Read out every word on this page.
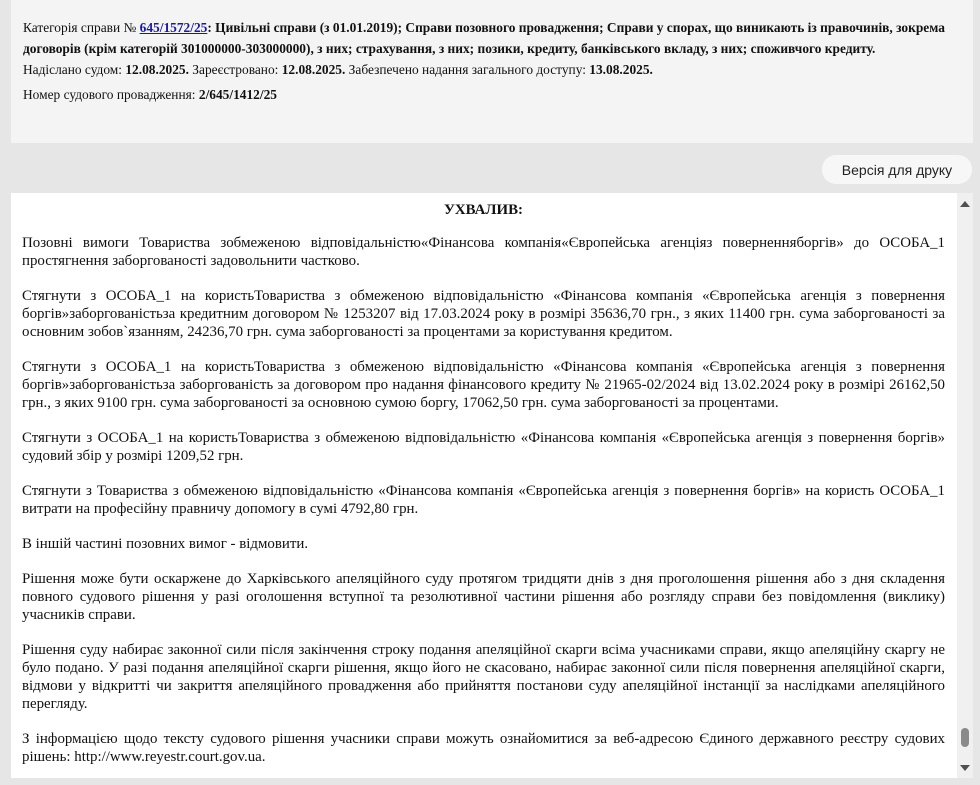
Категорія справи № 645/1572/25: Цивільні справи (з 01.01.2019); Справи позовного провадження; Справи у спорах, що виникають із правочинів, зокрема договорів (крім категорій 301000000-303000000), з них; страхування, з них; позики, кредиту, банківського вкладу, з них; споживчого кредиту.

Надіслано судом: 12.08.2025. Зареєстровано: 12.08.2025. Забезпечено надання загального доступу: 13.08.2025.

Номер судового провадження: 2/645/1412/25

Версія для друку
УХВАЛИВ:

Позовні вимоги Товариства зобмеженою відповідальністю«Фінансова компанія«Європейська агенціяз поверненняборгів» до ОСОБА_1 простягнення заборгованості задовольнити частково.

Стягнути з ОСОБА_1 на користьТовариства з обмеженою відповідальністю «Фінансова компанія «Європейська агенція з повернення боргів»заборгованістьза кредитним договором № 1253207 від 17.03.2024 року в розмірі 35636,70 грн., з яких 11400 грн. сума заборгованості за основним зобов`язанням, 24236,70 грн. сума заборгованості за процентами за користування кредитом.

Стягнути з ОСОБА_1 на користьТовариства з обмеженою відповідальністю «Фінансова компанія «Європейська агенція з повернення боргів»заборгованістьза заборгованість за договором про надання фінансового кредиту № 21965-02/2024 від 13.02.2024 року в розмірі 26162,50 грн., з яких 9100 грн. сума заборгованості за основною сумою боргу, 17062,50 грн. сума заборгованості за процентами.

Стягнути з ОСОБА_1 на користьТовариства з обмеженою відповідальністю «Фінансова компанія «Європейська агенція з повернення боргів» судовий збір у розмірі 1209,52 грн.

Стягнути з Товариства з обмеженою відповідальністю «Фінансова компанія «Європейська агенція з повернення боргів» на користь ОСОБА_1 витрати на професійну правничу допомогу в сумі 4792,80 грн.

В іншій частині позовних вимог - відмовити.

Рішення може бути оскаржене до Харківського апеляційного суду протягом тридцяти днів з дня проголошення рішення або з дня складення повного судового рішення у разі оголошення вступної та резолютивної частини рішення або розгляду справи без повідомлення (виклику) учасників справи.

Рішення суду набирає законної сили після закінчення строку подання апеляційної скарги всіма учасниками справи, якщо апеляційну скаргу не було подано. У разі подання апеляційної скарги рішення, якщо його не скасовано, набирає законної сили після повернення апеляційної скарги, відмови у відкритті чи закриття апеляційного провадження або прийняття постанови суду апеляційної інстанції за наслідками апеляційного перегляду.

З інформацією щодо тексту судового рішення учасники справи можуть ознайомитися за веб-адресою Єдиного державного реєстру судових рішень: http://www.reyestr.court.gov.ua.
